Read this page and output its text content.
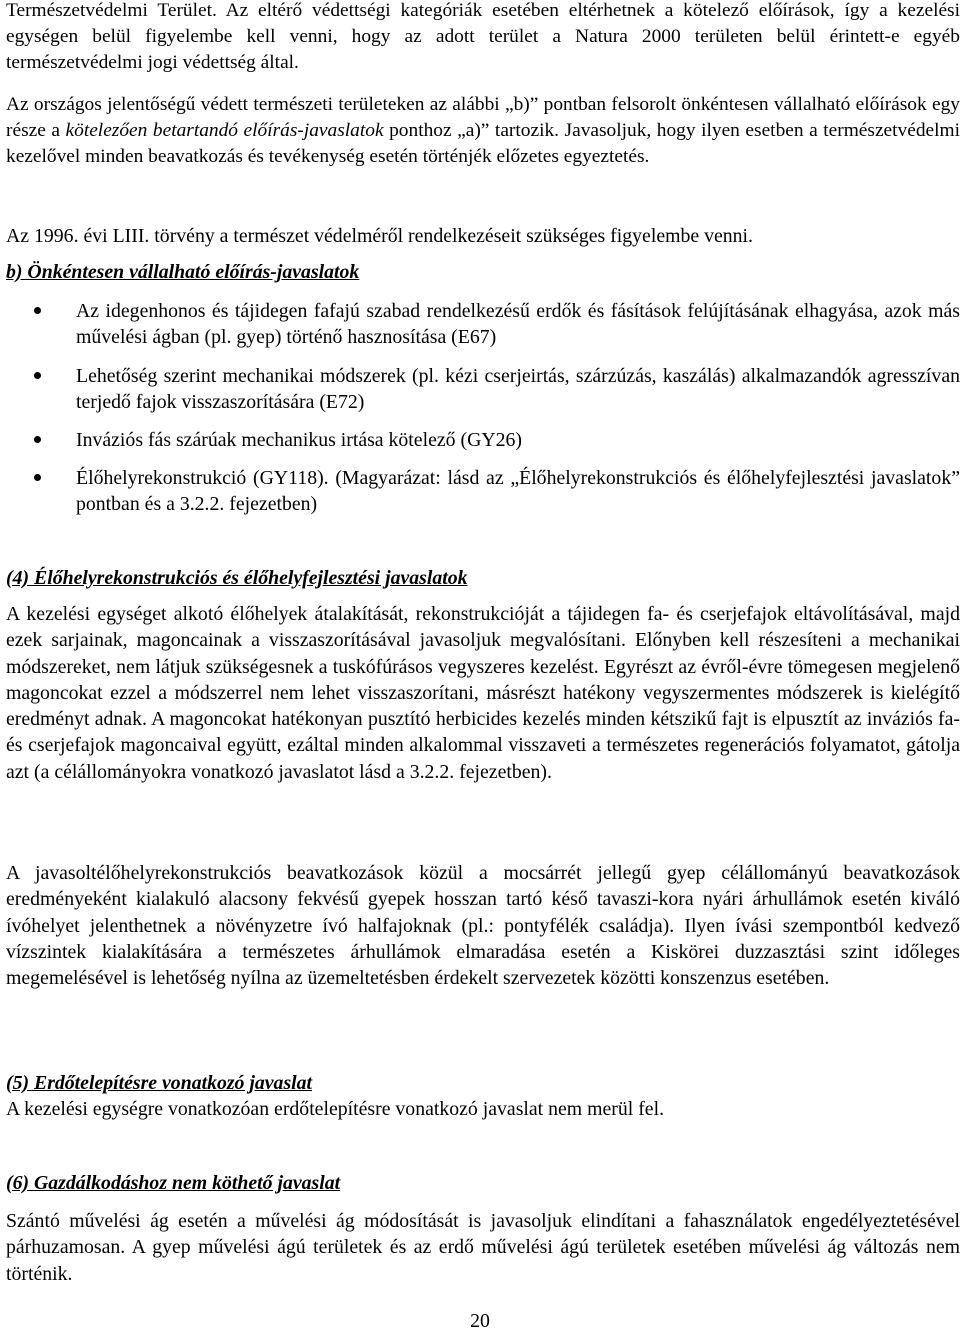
Természetvédelmi Terület. Az eltérő védettségi kategóriák esetében eltérhetnek a kötelező előírások, így a kezelési egységen belül figyelembe kell venni, hogy az adott terület a Natura 2000 területen belül érintett-e egyéb természetvédelmi jogi védettség által.

Az országos jelentőségű védett természeti területeken az alábbi „b)” pontban felsorolt önkéntesen vállalható előírások egy része a kötelezően betartandó előírás-javaslatok ponthoz „a)” tartozik. Javasoljuk, hogy ilyen esetben a természetvédelmi kezelővel minden beavatkozás és tevékenység esetén történjék előzetes egyeztetés.

Az 1996. évi LIII. törvény a természet védelméről rendelkezéseit szükséges figyelembe venni.

b) Önkéntesen vállalható előírás-javaslatok
Az idegenhonos és tájidegen fafajú szabad rendelkezésű erdők és fásítások felújításának elhagyása, azok más művelési ágban (pl. gyep) történő hasznosítása (E67)
Lehetőség szerint mechanikai módszerek (pl. kézi cserjeirtás, szárzúzás, kaszálás) alkalmazandók agresszívan terjedő fajok visszaszorítására (E72)
Inváziós fás szárúak mechanikus irtása kötelező (GY26)
Élőhelyrekonstrukció (GY118). (Magyarázat: lásd az „Élőhelyrekonstrukciós és élőhelyfejlesztési javaslatok” pontban és a 3.2.2. fejezetben)
(4) Élőhelyrekonstrukciós és élőhelyfejlesztési javaslatok

A kezelési egységet alkotó élőhelyek átalakítását, rekonstrukcióját a tájidegen fa- és cserjefajok eltávolításával, majd ezek sarjainak, magoncainak a visszaszorításával javasoljuk megvalósítani. Előnyben kell részesíteni a mechanikai módszereket, nem látjuk szükségesnek a tuskófúrásos vegyszeres kezelést. Egyrészt az évről-évre tömegesen megjelenő magoncokat ezzel a módszerrel nem lehet visszaszorítani, másrészt hatékony vegyszermentes módszerek is kielégítő eredményt adnak. A magoncokat hatékonyan pusztító herbicides kezelés minden kétszikű fajt is elpusztít az inváziós fa- és cserjefajok magoncaival együtt, ezáltal minden alkalommal visszaveti a természetes regenerációs folyamatot, gátolja azt (a célállományokra vonatkozó javaslatot lásd a 3.2.2. fejezetben).

A javasoltélőhelyrekonstrukciós beavatkozások közül a mocsárrét jellegű gyep célállományú beavatkozások eredményeként kialakuló alacsony fekvésű gyepek hosszan tartó késő tavaszi-kora nyári árhullámok esetén kiváló ívóhelyet jelenthetnek a növényzetre ívó halfajoknak (pl.: pontyfélék családja). Ilyen ívási szempontból kedvező vízszintek kialakítására a természetes árhullámok elmaradása esetén a Kiskörei duzzasztási szint időleges megemelésével is lehetőség nyílna az üzemeltetésben érdekelt szervezetek közötti konszenzus esetében.

(5) Erdőtelepítésre vonatkozó javaslat

A kezelési egységre vonatkozóan erdőtelepítésre vonatkozó javaslat nem merül fel.

(6) Gazdálkodáshoz nem köthető javaslat

Szántó művelési ág esetén a művelési ág módosítását is javasoljuk elindítani a fahasználatok engedélyeztetésével párhuzamosan. A gyep művelési ágú területek és az erdő művelési ágú területek esetében művelési ág változás nem történik.

20
